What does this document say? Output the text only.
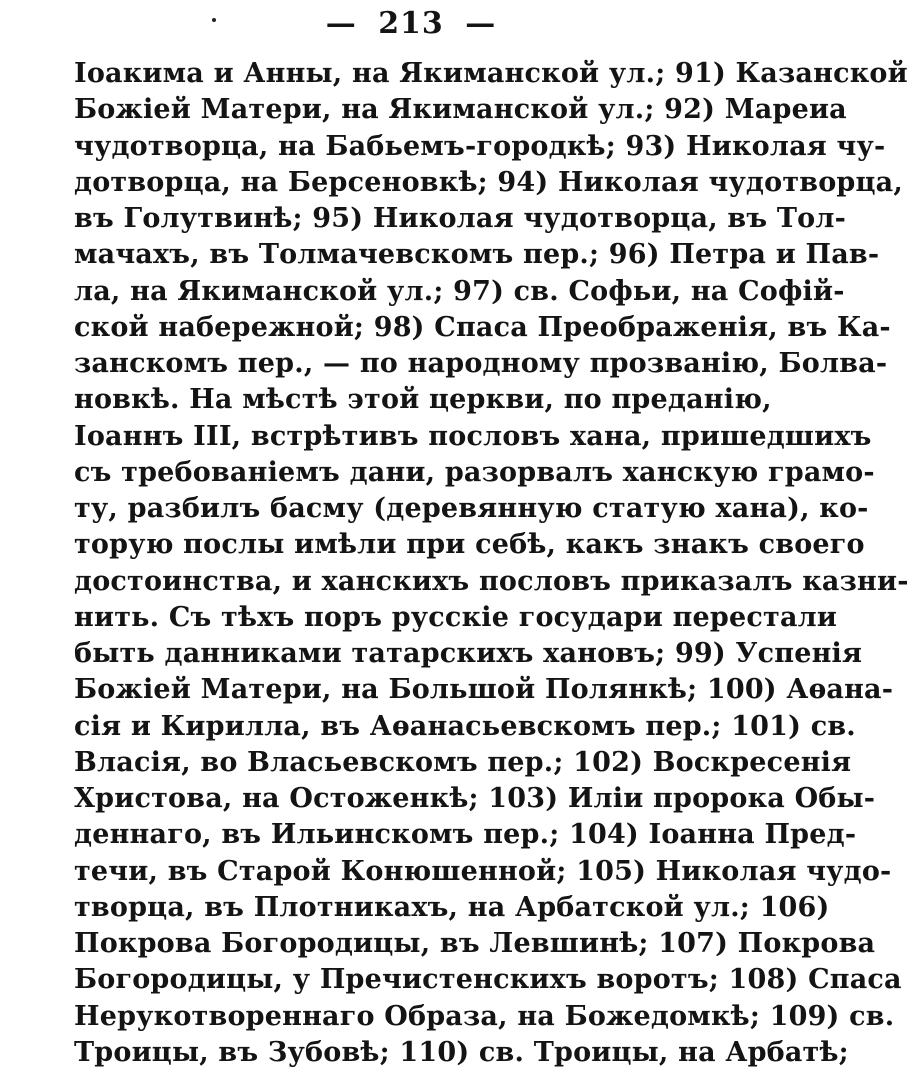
— 213 —
Іоакима и Анны, на Якиманской ул.; 91) Казанской
Божіей Матери, на Якиманской ул.; 92) Мареиа
чудотворца, на Бабьемъ-городкѣ; 93) Николая чу-
дотворца, на Берсеновкѣ; 94) Николая чудотворца,
въ Голутвинѣ; 95) Николая чудотворца, въ Тол-
мачахъ, въ Толмачевскомъ пер.; 96) Петра и Пав-
ла, на Якиманской ул.; 97) св. Софьи, на Софій-
ской набережной; 98) Спаса Преображенія, въ Ка-
занскомъ пер., — по народному прозванію, Болва-
новкѣ. На мѣстѣ этой церкви, по преданію,
Іоаннъ III, встрѣтивъ пословъ хана, пришедшихъ
съ требованіемъ дани, разорвалъ ханскую грамо-
ту, разбилъ басму (деревянную статую хана), ко-
торую послы имѣли при себѣ, какъ знакъ своего
достоинства, и ханскихъ пословъ приказалъ казни-
нить. Съ тѣхъ поръ русскіе государи перестали
быть данниками татарскихъ хановъ; 99) Успенія
Божіей Матери, на Большой Полянкѣ; 100) Аѳана-
сія и Кирилла, въ Аѳанасьевскомъ пер.; 101) св.
Власія, во Власьевскомъ пер.; 102) Воскресенія
Христова, на Остоженкѣ; 103) Иліи пророка Обы-
деннаго, въ Ильинскомъ пер.; 104) Іоанна Пред-
течи, въ Старой Конюшенной; 105) Николая чудо-
творца, въ Плотникахъ, на Арбатской ул.; 106)
Покрова Богородицы, въ Левшинѣ; 107) Покрова
Богородицы, у Пречистенскихъ воротъ; 108) Спаса
Нерукотвореннаго Образа, на Божедомкѣ; 109) св.
Троицы, въ Зубовѣ; 110) св. Троицы, на Арбатѣ;
